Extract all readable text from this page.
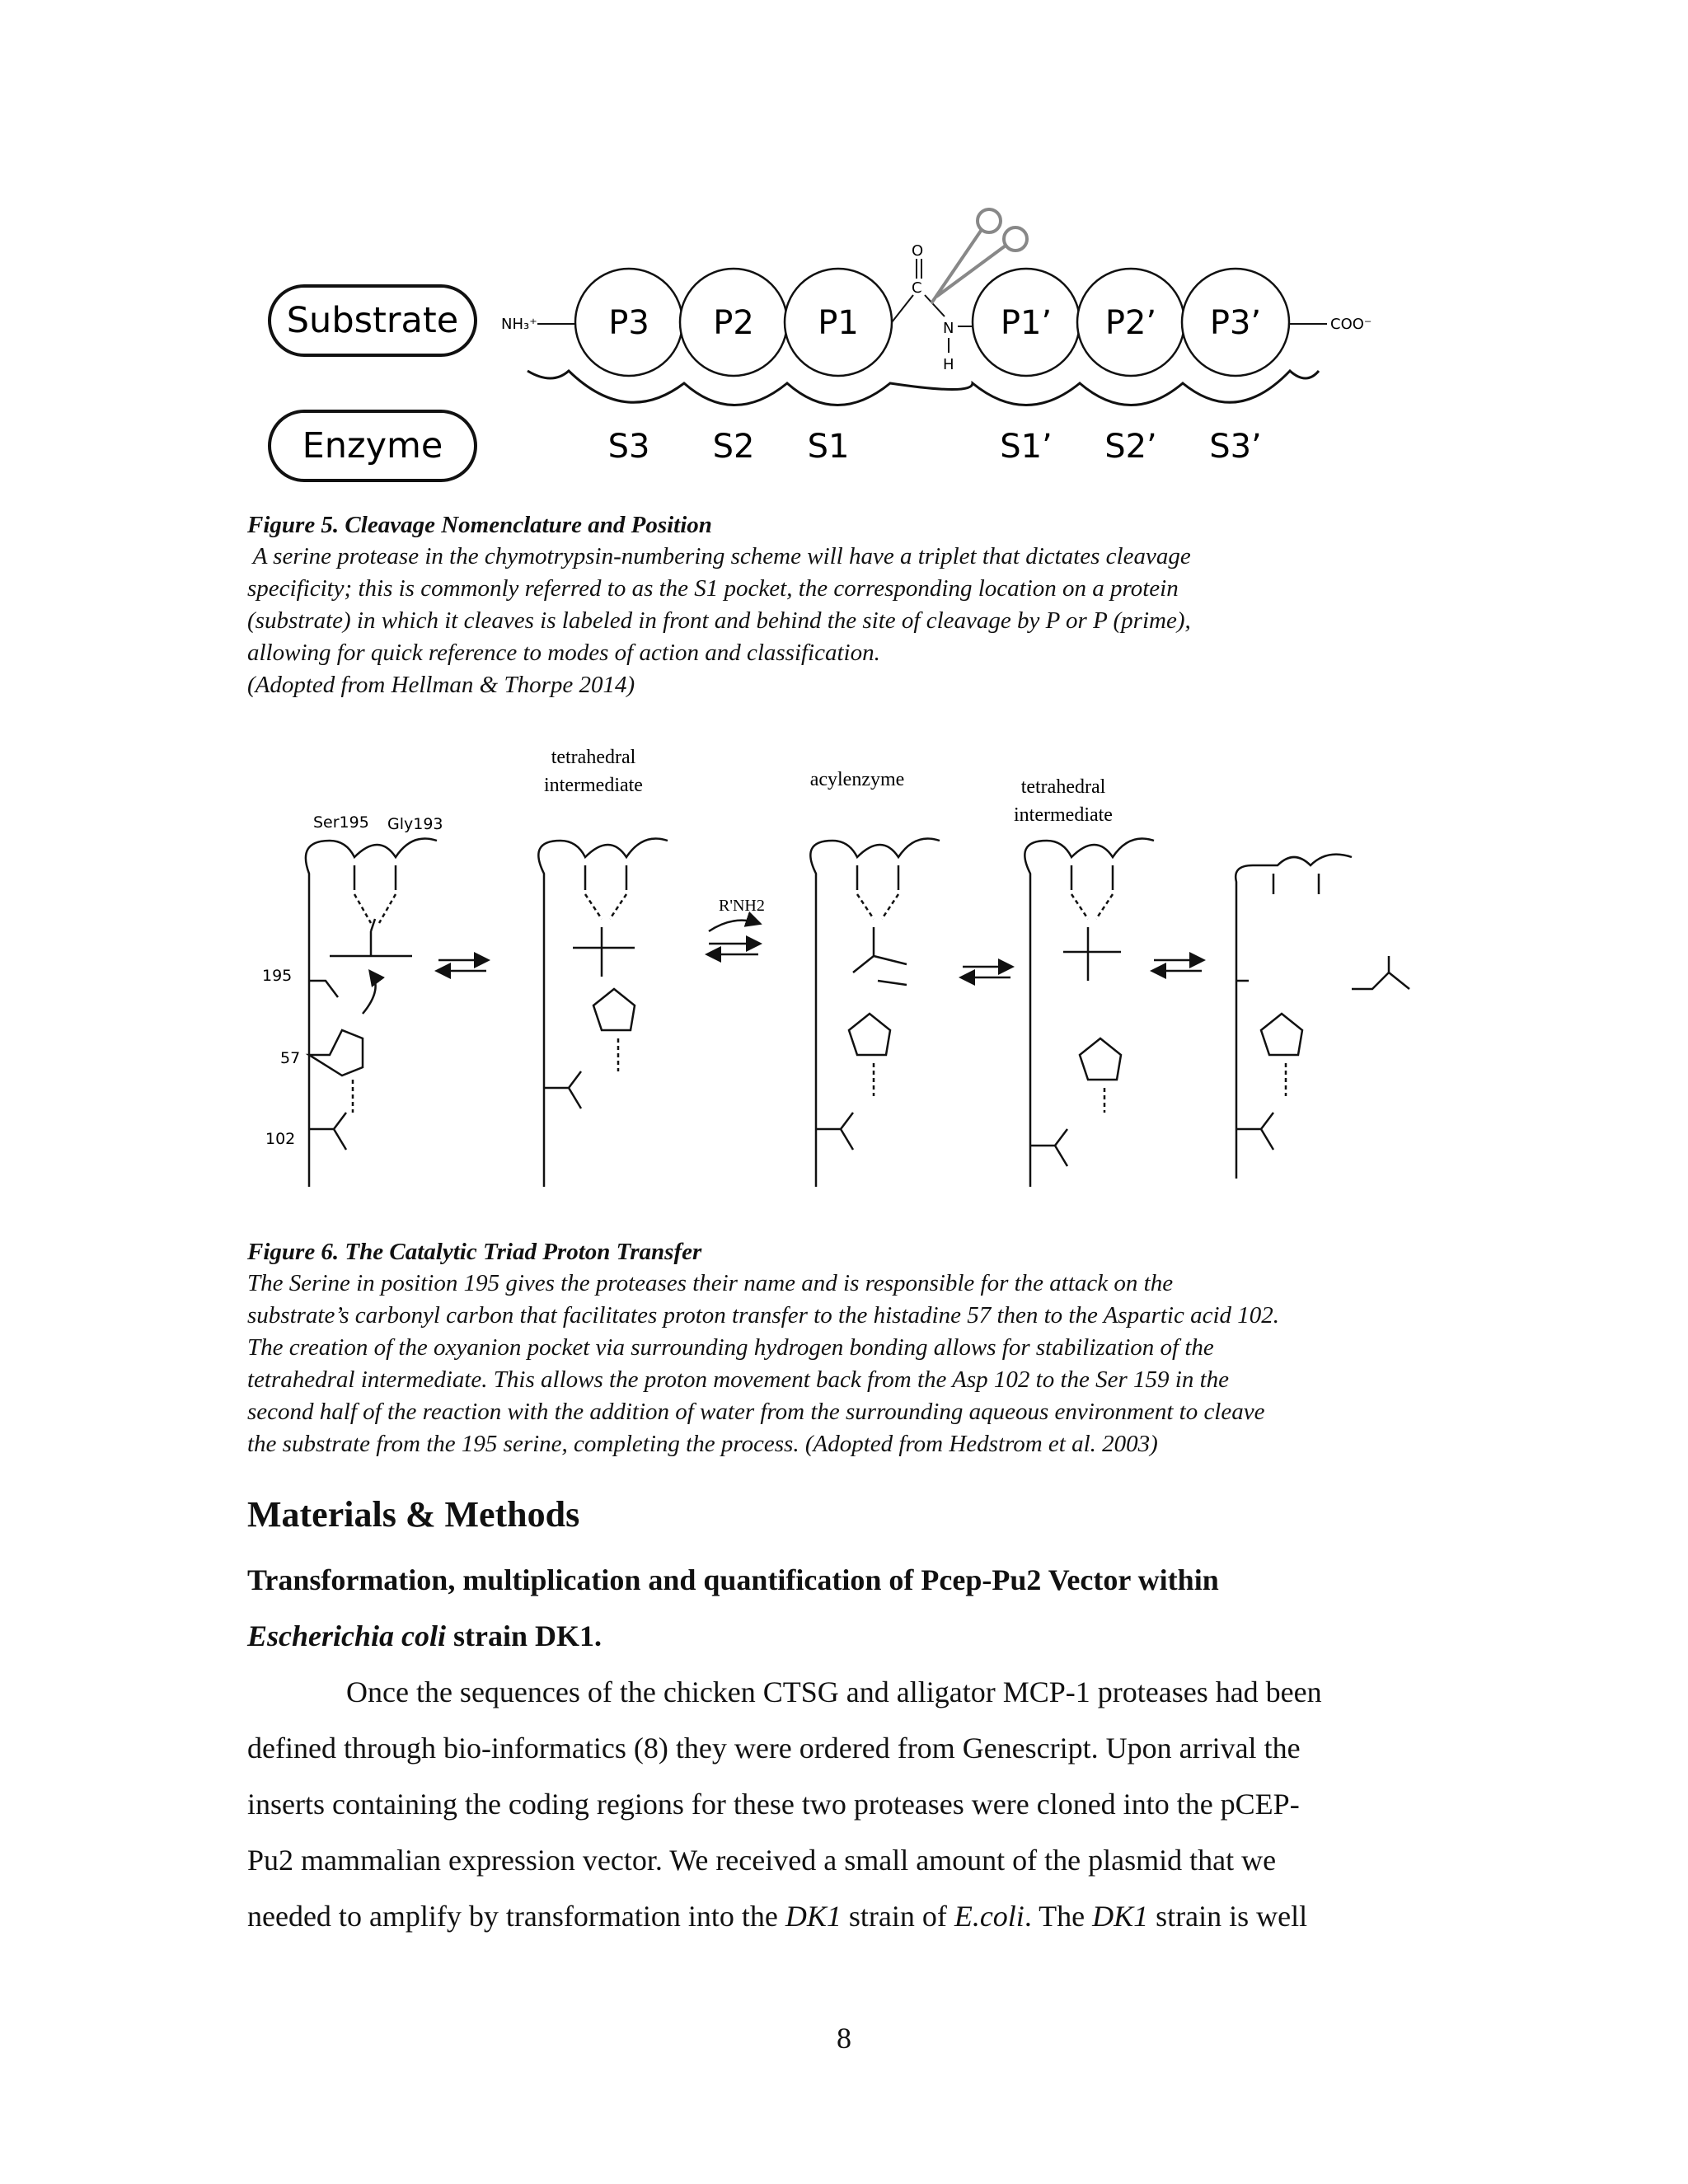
Substrate
Enzyme
NH₃⁺ P3 P2 P1
C
O
N
H
P1’ P2’ P3’	COO⁻
S3 S2 S1	S1’ S2’ S3’
Figure 5. Cleavage Nomenclature and Position
A serine protease in the chymotrypsin-numbering scheme will have a triplet that dictates cleavage
specificity; this is commonly referred to as the S1 pocket, the corresponding location on a protein
(substrate) in which it cleaves is labeled in front and behind the site of cleavage by P or P (prime),
allowing for quick reference to modes of action and classification.
(Adopted from Hellman & Thorpe 2014)
tetrahedral
intermediate	acylenzyme	tetrahedral
intermediate
Ser195 Gly193
195
57
102
R'NH2
Figure 6. The Catalytic Triad Proton Transfer
The Serine in position 195 gives the proteases their name and is responsible for the attack on the
substrate’s carbonyl carbon that facilitates proton transfer to the histadine 57 then to the Aspartic acid 102.
The creation of the oxyanion pocket via surrounding hydrogen bonding allows for stabilization of the
tetrahedral intermediate. This allows the proton movement back from the Asp 102 to the Ser 159 in the
second half of the reaction with the addition of water from the surrounding aqueous environment to cleave
the substrate from the 195 serine, completing the process. (Adopted from Hedstrom et al. 2003)
Materials & Methods
Transformation, multiplication and quantification of Pcep-Pu2 Vector within
Escherichia coli strain DK1.
Once the sequences of the chicken CTSG and alligator MCP-1 proteases had been
defined through bio-informatics (8) they were ordered from Genescript. Upon arrival the
inserts containing the coding regions for these two proteases were cloned into the pCEP-
Pu2 mammalian expression vector. We received a small amount of the plasmid that we
needed to amplify by transformation into the DK1 strain of E.coli. The DK1 strain is well
8
